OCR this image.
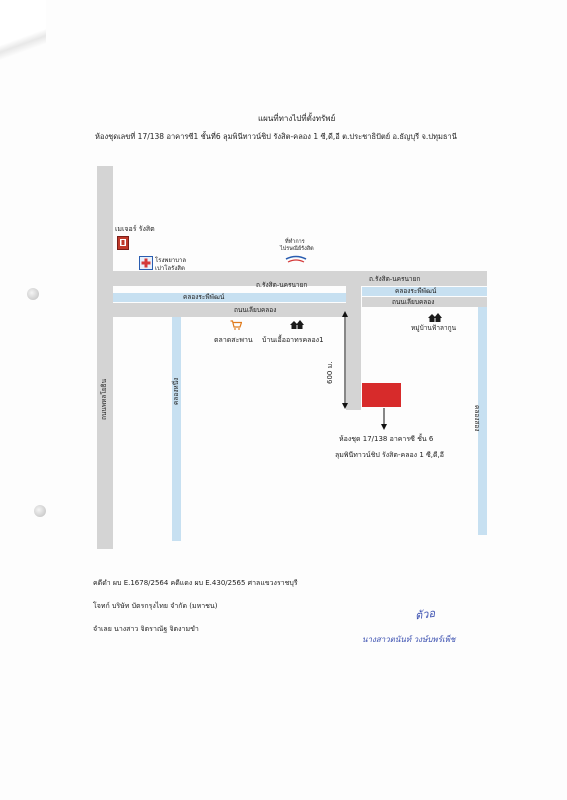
แผนที่ทางไปที่ตั้งทรัพย์
ห้องชุดเลขที่ 17/138 อาคารซี1 ชั้นที่6 ลุมพินีทาวน์ชิป รังสิต-คลอง 1 ซี,ดี,อี ต.ประชาธิปัตย์ อ.ธัญบุรี จ.ปทุมธานี
ถนนพหลโยธิน
ถ.รังสิต-นครนายก
ถ.รังสิต-นครนายก
คลองระพีพัฒน์
คลองระพีพัฒน์
ถนนเลียบคลอง
ถนนเลียบคลอง
คลองหนึ่ง
คลองสอง
เมเจอร์ รังสิต
โรงพยาบาล
เปาโลรังสิต
ที่ทำการ
ไปรษณีย์รังสิต
ตลาดสะพาน บ้านเอื้ออาทรคลอง1
หมู่บ้านฟ้าลากูน
600 ม.
ห้องชุด 17/138 อาคารซี ชั้น 6
ลุมพินีทาวน์ชิป รังสิต-คลอง 1 ซี,ดี,อี
คดีดำ ผบ E.1678/2564 คดีแดง ผบ E.430/2565 ศาลแขวงราชบุรี
โจทก์ บริษัท บัตรกรุงไทย จำกัด (มหาชน)
จำเลย นางสาว จิตราณัฐ จิตงามขำ
ตัวอ
นางสาวตนันท์ วงษ์บพร์เพ็ช
